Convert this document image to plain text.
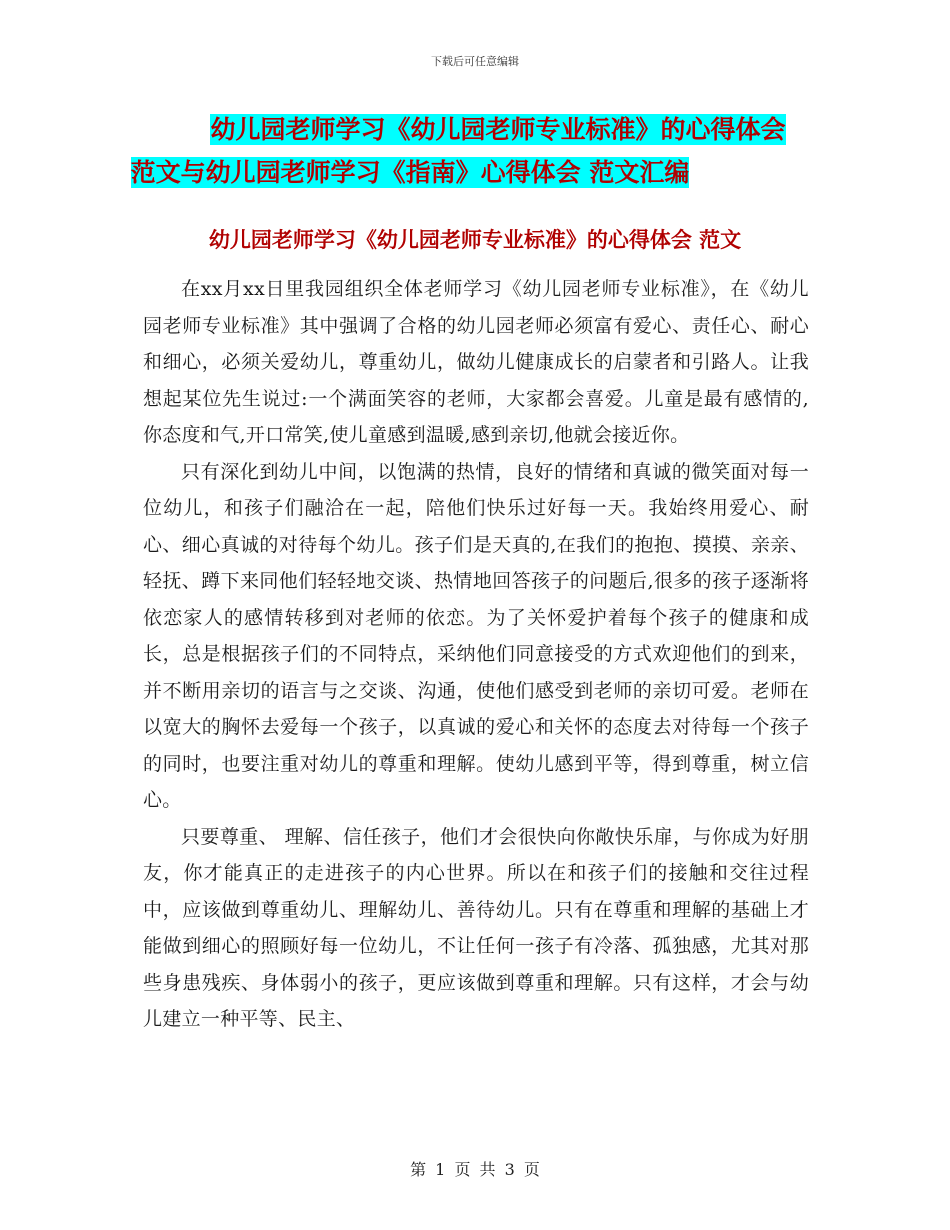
下载后可任意编辑
幼儿园老师学习《幼儿园老师专业标准》的心得体会
范文与幼儿园老师学习《指南》心得体会 范文汇编
幼儿园老师学习《幼儿园老师专业标准》的心得体会 范文

在xx月xx日里我园组织全体老师学习《幼儿园老师专业标准》，在《幼儿园老师专业标准》其中强调了合格的幼儿园老师必须富有爱心、责任心、耐心和细心，必须关爱幼儿，尊重幼儿，做幼儿健康成长的启蒙者和引路人。让我想起某位先生说过:一个满面笑容的老师，大家都会喜爱。儿童是最有感情的,你态度和气,开口常笑,使儿童感到温暖,感到亲切,他就会接近你。

只有深化到幼儿中间，以饱满的热情，良好的情绪和真诚的微笑面对每一位幼儿，和孩子们融洽在一起，陪他们快乐过好每一天。我始终用爱心、耐心、细心真诚的对待每个幼儿。孩子们是天真的,在我们的抱抱、摸摸、亲亲、轻抚、蹲下来同他们轻轻地交谈、热情地回答孩子的问题后,很多的孩子逐渐将依恋家人的感情转移到对老师的依恋。为了关怀爱护着每个孩子的健康和成长，总是根据孩子们的不同特点，采纳他们同意接受的方式欢迎他们的到来，并不断用亲切的语言与之交谈、沟通，使他们感受到老师的亲切可爱。老师在以宽大的胸怀去爱每一个孩子，以真诚的爱心和关怀的态度去对待每一个孩子的同时，也要注重对幼儿的尊重和理解。使幼儿感到平等，得到尊重，树立信心。

只要尊重、 理解、信任孩子，他们才会很快向你敞快乐扉，与你成为好朋友，你才能真正的走进孩子的内心世界。所以在和孩子们的接触和交往过程中，应该做到尊重幼儿、理解幼儿、善待幼儿。只有在尊重和理解的基础上才能做到细心的照顾好每一位幼儿，不让任何一孩子有冷落、孤独感，尤其对那些身患残疾、身体弱小的孩子，更应该做到尊重和理解。只有这样，才会与幼儿建立一种平等、民主、

第 1 页 共 3 页
